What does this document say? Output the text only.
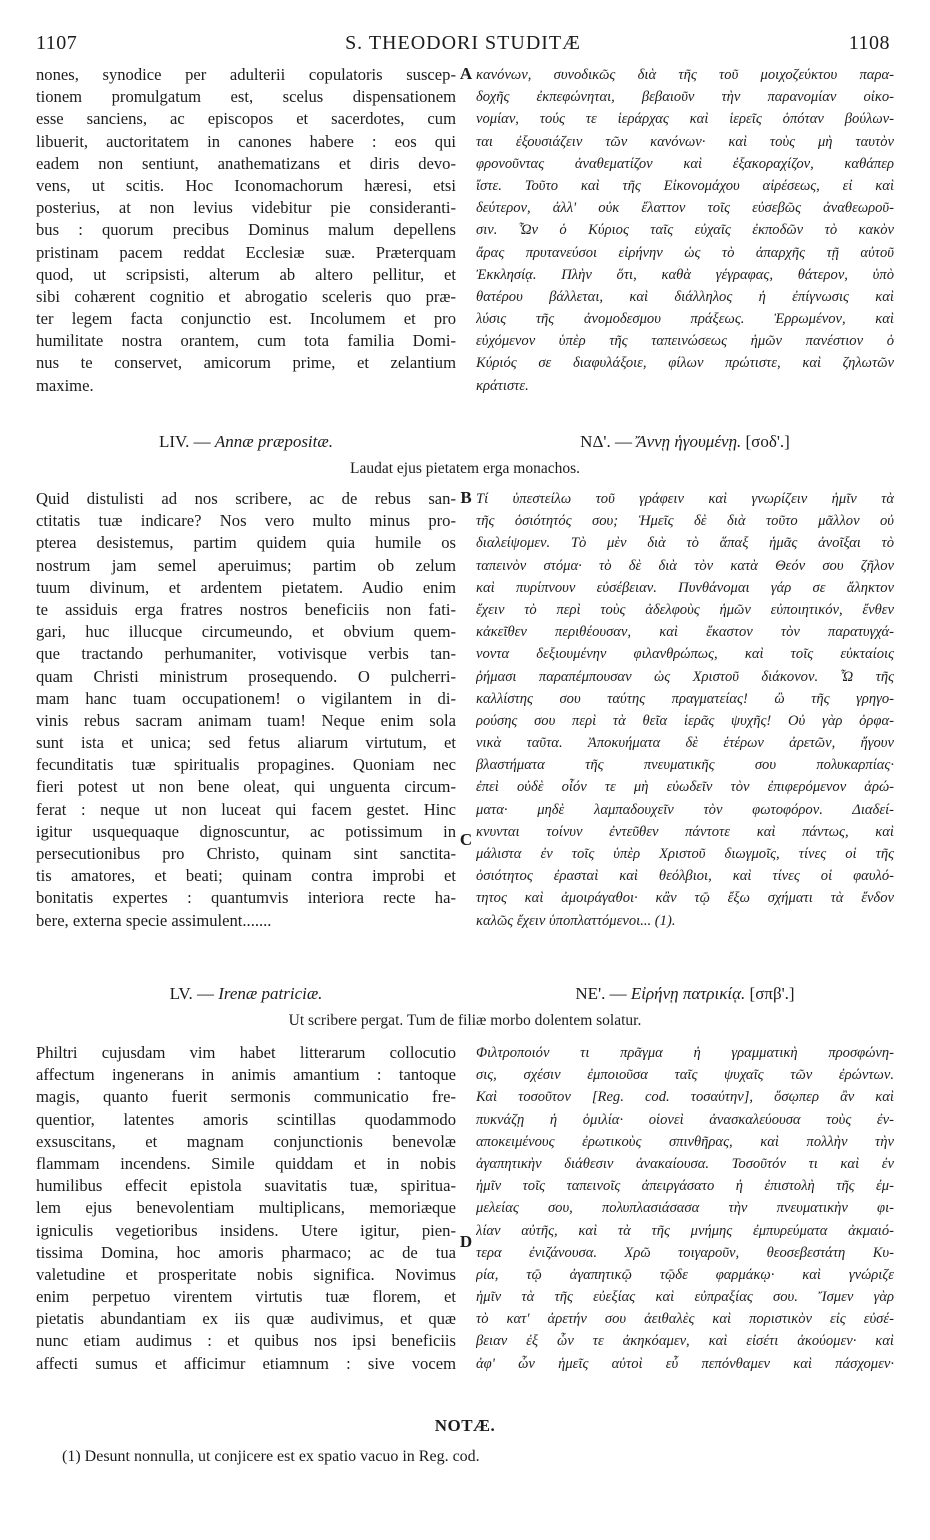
1107	S. THEODORI STUDITÆ	1108
nones, synodice per adulterii copulatoris suscep-
tionem promulgatum est, scelus dispensationem
esse sanciens, ac episcopos et sacerdotes, cum
libuerit, auctoritatem in canones habere : eos qui
eadem non sentiunt, anathematizans et diris devo-
vens, ut scitis. Hoc Iconomachorum hæresi, etsi
posterius, at non levius videbitur pie consideranti-
bus : quorum precibus Dominus malum depellens
pristinam pacem reddat Ecclesiæ suæ. Præterquam
quod, ut scripsisti, alterum ab altero pellitur, et
sibi cohærent cognitio et abrogatio sceleris quo præ-
ter legem facta conjunctio est. Incolumem et pro
humilitate nostra orantem, cum tota familia Domi-
nus te conservet, amicorum prime, et zelantium
maxime.
A κανόνων, συνοδικῶς διὰ τῆς τοῦ μοιχοζεύκτου παρα-
δοχῆς ἐκπεφώνηται, βεβαιοῦν τὴν παρανομίαν οἰκο-
νομίαν, τούς τε ἱεράρχας καὶ ἱερεῖς ὁπόταν βούλων-
ται ἐξουσιάζειν τῶν κανόνων· καὶ τοὺς μὴ ταυτὸν
φρονοῦντας ἀναθεματίζον καὶ ἐξακοραχίζον, καθάπερ
ἴστε. Τοῦτο καὶ τῆς Εἰκονομάχου αἱρέσεως, εἰ καὶ
δεύτερον, ἀλλ' οὐκ ἔλαττον τοῖς εὐσεβῶς ἀναθεωροῦ-
σιν. Ὧν ὁ Κύριος ταῖς εὐχαῖς ἐκποδῶν τὸ κακὸν
ἄρας πρυτανεύσοι εἰρήνην ὡς τὸ ἀπαρχῆς τῇ αὐτοῦ
Ἐκκλησίᾳ. Πλὴν ὅτι, καθὰ γέγραφας, θάτερον, ὑπὸ
θατέρου βάλλεται, καὶ διάλληλος ἡ ἐπίγνωσις καὶ
λύσις τῆς ἀνομοδεσμου πράξεως. Ἐρρωμένον, καὶ
εὐχόμενον ὑπὲρ τῆς ταπεινώσεως ἡμῶν πανέστιον ὁ
Κύριός σε διαφυλάξοιε, φίλων πρώτιστε, καὶ ζηλωτῶν
κράτιστε.
LIV. — Annæ præpositæ.	ΝΔ'. — Ἄννῃ ἡγουμένῃ. [σοδ'.]
Laudat ejus pietatem erga monachos.
Quid distulisti ad nos scribere, ac de rebus san-
ctitatis tuæ indicare? Nos vero multo minus pro-
pterea desistemus, partim quidem quia humile os
nostrum jam semel aperuimus; partim ob zelum
tuum divinum, et ardentem pietatem. Audio enim
te assiduis erga fratres nostros beneficiis non fati-
gari, huc illucque circumeundo, et obvium quem-
que tractando perhumaniter, votivisque verbis tan-
quam Christi ministrum prosequendo. O pulcherri-
mam hanc tuam occupationem! o vigilantem in di-
vinis rebus sacram animam tuam! Neque enim sola
sunt ista et unica; sed fetus aliarum virtutum, et
fecunditatis tuæ spiritualis propagines. Quoniam nec
fieri potest ut non bene oleat, qui unguenta circum-
ferat : neque ut non luceat qui facem gestet. Hinc
igitur usquequaque dignoscuntur, ac potissimum in
persecutionibus pro Christo, quinam sint sanctita-
tis amatores, et beati; quinam contra improbi et
bonitatis expertes : quantumvis interiora recte ha-
bere, externa specie assimulent.......
B
C
Τί ὑπεστείλω τοῦ γράφειν καὶ γνωρίζειν ἡμῖν τὰ
τῆς ὁσιότητός σου; Ἡμεῖς δὲ διὰ τοῦτο μᾶλλον οὐ
διαλείψομεν. Τὸ μὲν διὰ τὸ ἅπαξ ἡμᾶς ἀνοῖξαι τὸ
ταπεινὸν στόμα· τὸ δὲ διὰ τὸν κατὰ Θεόν σου ζῆλον
καὶ πυρίπνουν εὐσέβειαν. Πυνθάνομαι γάρ σε ἄληκτον
ἔχειν τὸ περὶ τοὺς ἀδελφοὺς ἡμῶν εὐποιητικόν, ἔνθεν
κἀκεῖθεν περιθέουσαν, καὶ ἕκαστον τὸν παρατυγχά-
νοντα δεξιουμένην φιλανθρώπως, καὶ τοῖς εὐκταίοις
ῥήμασι παραπέμπουσαν ὡς Χριστοῦ διάκονον. Ὦ τῆς
καλλίστης σου ταύτης πραγματείας! ὢ τῆς γρηγο-
ρούσης σου περὶ τὰ θεῖα ἱερᾶς ψυχῆς! Οὐ γὰρ ὀρφα-
νικὰ ταῦτα. Ἀποκυήματα δὲ ἑτέρων ἀρετῶν, ἤγουν
βλαστήματα τῆς πνευματικῆς σου πολυκαρπίας·
ἐπεὶ οὐδὲ οἷόν τε μὴ εὐωδεῖν τὸν ἐπιφερόμενον ἀρώ-
ματα· μηδὲ λαμπαδουχεῖν τὸν φωτοφόρον. Διαδεί-
κνυνται τοίνυν ἐντεῦθεν πάντοτε καὶ πάντως, καὶ
μάλιστα ἐν τοῖς ὑπὲρ Χριστοῦ διωγμοῖς, τίνες οἱ τῆς
ὁσιότητος ἐρασταὶ καὶ θεόλβιοι, καὶ τίνες οἱ φαυλό-
τητος καὶ ἀμοιράγαθοι· κἂν τῷ ἔξω σχήματι τὰ ἔνδον
καλῶς ἔχειν ὑποπλαττόμενοι... (1).
LV. — Irenæ patriciæ.	ΝΕ'. — Εἰρήνῃ πατρικίᾳ. [σπβ'.]
Ut scribere pergat. Tum de filiæ morbo dolentem solatur.
Philtri cujusdam vim habet litterarum collocutio
affectum ingenerans in animis amantium : tantoque
magis, quanto fuerit sermonis communicatio fre-
quentior, latentes amoris scintillas quodammodo
exsuscitans, et magnam conjunctionis benevolæ
flammam incendens. Simile quiddam et in nobis
humilibus effecit epistola suavitatis tuæ, spiritua-
lem ejus benevolentiam multiplicans, memoriæque
igniculis vegetioribus insidens. Utere igitur, pien-
tissima Domina, hoc amoris pharmaco; ac de tua
valetudine et prosperitate nobis significa. Novimus
enim perpetuo virentem virtutis tuæ florem, et
pietatis abundantiam ex iis quæ audivimus, et quæ
nunc etiam audimus : et quibus nos ipsi beneficiis
affecti sumus et afficimur etiamnum : sive vocem
D
Φιλτροποιόν τι πρᾶγμα ἡ γραμματικὴ προσφώνη-
σις, σχέσιν ἐμποιοῦσα ταῖς ψυχαῖς τῶν ἐρώντων.
Καὶ τοσοῦτον [Reg. cod. τοσαύτην], ὅσῳπερ ἂν καὶ
πυκνάζῃ ἡ ὁμιλία· οἱονεὶ ἀνασκαλεύουσα τοὺς ἐν-
αποκειμένους ἐρωτικοὺς σπινθῆρας, καὶ πολλὴν τὴν
ἀγαπητικὴν διάθεσιν ἀνακαίουσα. Τοσοῦτόν τι καὶ ἐν
ἡμῖν τοῖς ταπεινοῖς ἀπειργάσατο ἡ ἐπιστολὴ τῆς ἐμ-
μελείας σου, πολυπλασιάσασα τὴν πνευματικὴν φι-
λίαν αὐτῆς, καὶ τὰ τῆς μνήμης ἐμπυρεύματα ἀκμαιό-
τερα ἐνιζάνουσα. Χρῶ τοιγαροῦν, θεοσεβεστάτη Κυ-
ρία, τῷ ἀγαπητικῷ τῷδε φαρμάκῳ· καὶ γνώριζε
ἡμῖν τὰ τῆς εὐεξίας καὶ εὐπραξίας σου. Ἴσμεν γὰρ
τὸ κατ' ἀρετήν σου ἀειθαλὲς καὶ ποριστικὸν εἰς εὐσέ-
βειαν ἐξ ὧν τε ἀκηκόαμεν, καὶ εἰσέτι ἀκούομεν· καὶ
ἀφ' ὧν ἡμεῖς αὐτοὶ εὖ πεπόνθαμεν καὶ πάσχομεν·
NOTÆ.
(1) Desunt nonnulla, ut conjicere est ex spatio vacuo in Reg. cod.
